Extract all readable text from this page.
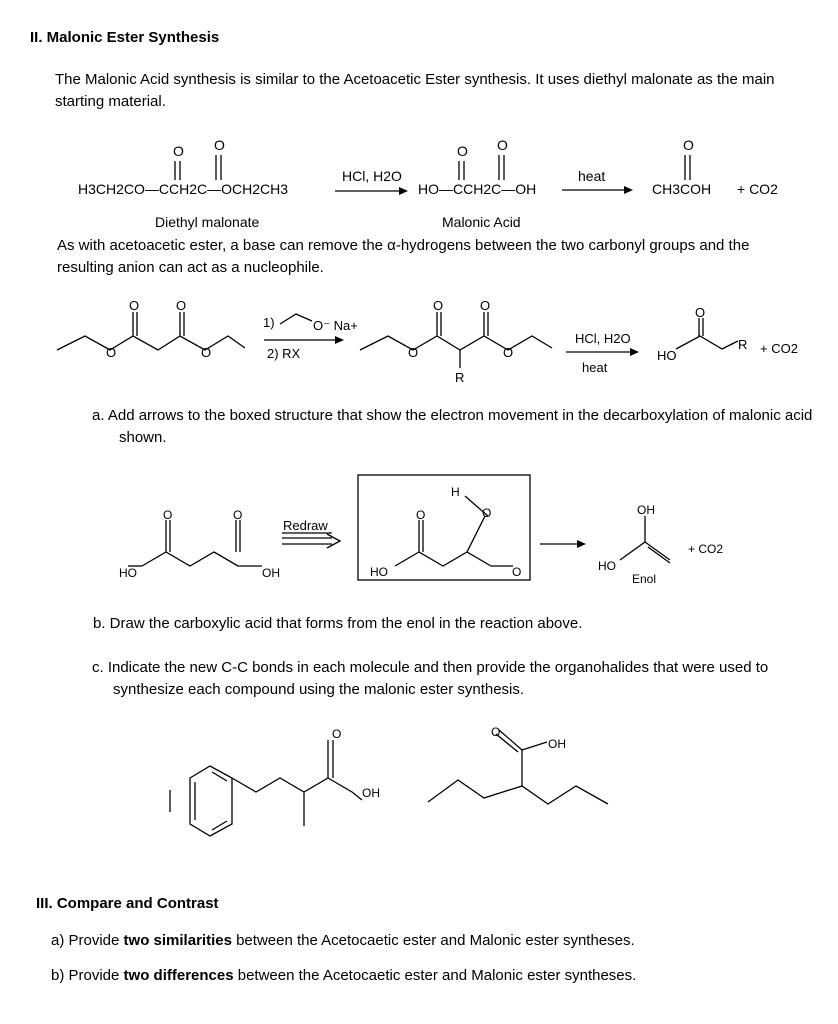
II. Malonic Ester Synthesis
The Malonic Acid synthesis is similar to the Acetoacetic Ester synthesis. It uses diethyl malonate as the main starting material.
O O
H3CH2CO—CCH2C—OCH2CH3
HCl, H2O
O O
HO—CCH2C—OH
heat
O
CH3COH + CO2
Diethyl malonate	Malonic Acid
As with acetoacetic ester, a base can remove the α-hydrogens between the two carbonyl groups and the resulting anion can act as a nucleophile.
O	O
O	O
1)	O⁻ Na+
2) RX
O	O
O	O
R
HCl, H2O
heat
O
HO
R + CO2
a. Add arrows to the boxed structure that show the electron movement in the decarboxylation of malonic acid shown.
O	O
HO	OH
Redraw
O	O
O
HO
H
OH
HO
Enol
+ CO2
b. Draw the carboxylic acid that forms from the enol in the reaction above.
c. Indicate the new C-C bonds in each molecule and then provide the organohalides that were used to synthesize each compound using the malonic ester synthesis.
O
OH
O
OH
III. Compare and Contrast
a) Provide two similarities between the Acetocaetic ester and Malonic ester syntheses.
b) Provide two differences between the Acetocaetic ester and Malonic ester syntheses.
